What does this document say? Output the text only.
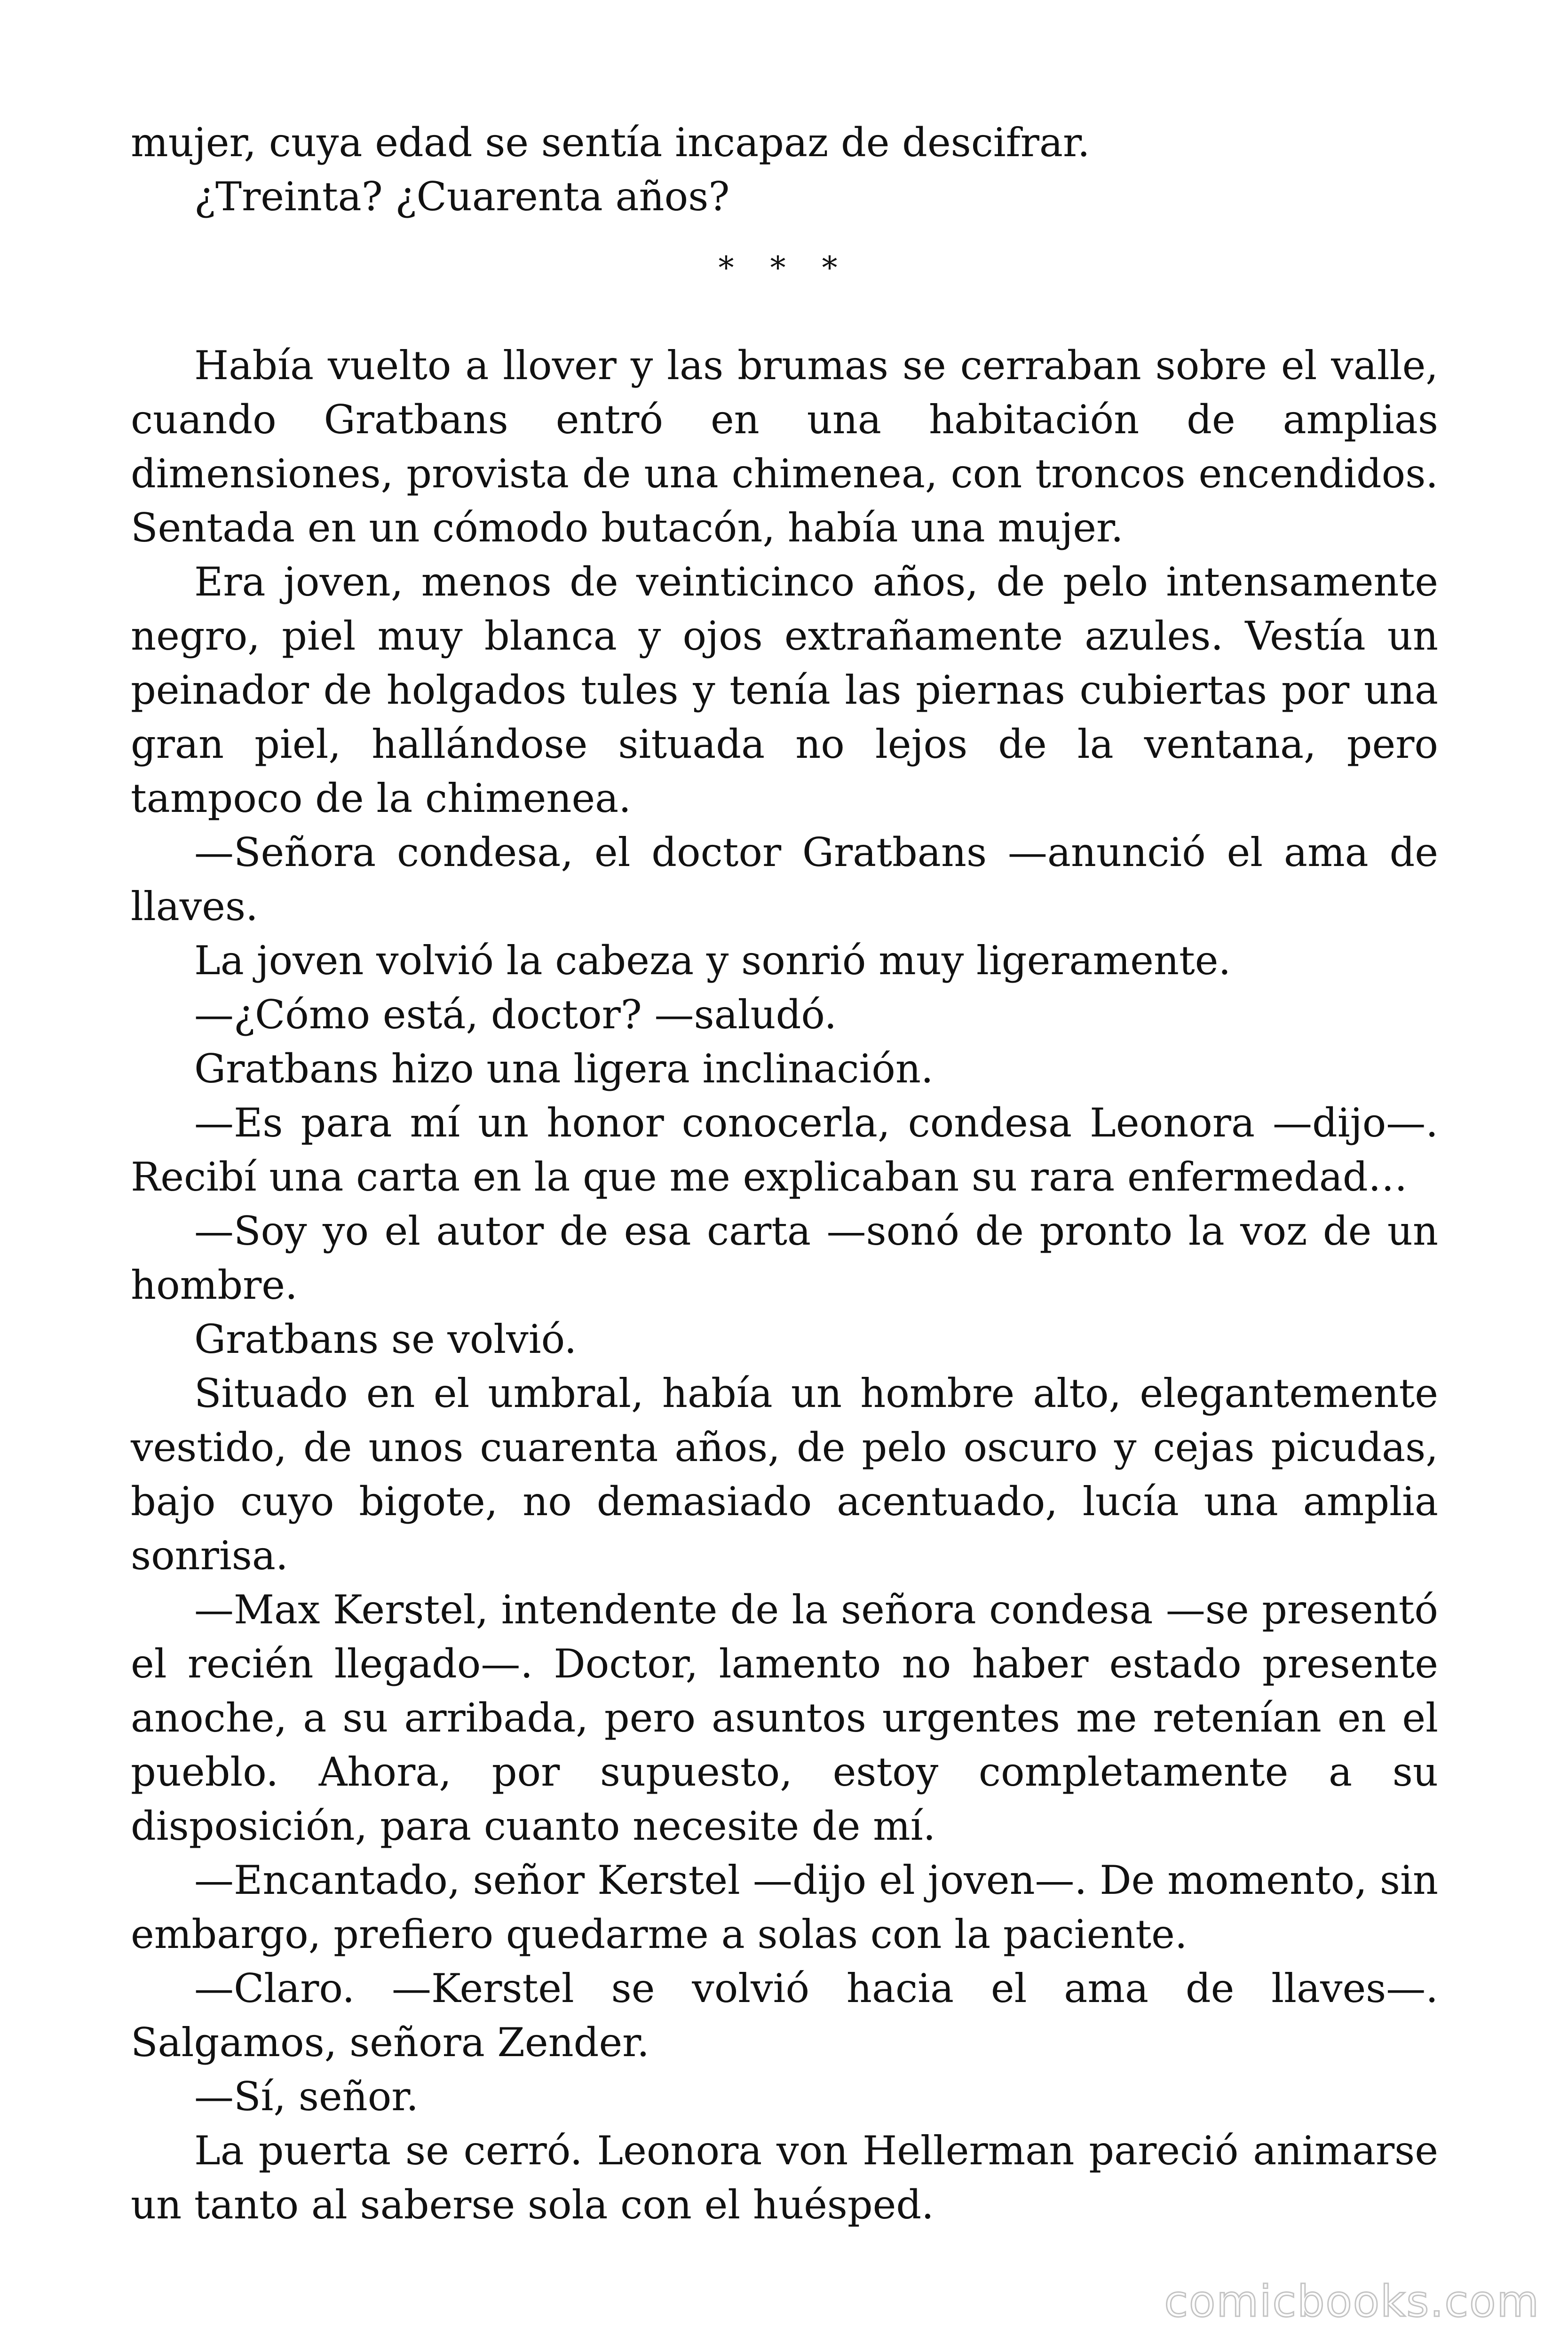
mujer, cuya edad se sentía incapaz de descifrar.

¿Treinta? ¿Cuarenta años?

* * *

Había vuelto a llover y las brumas se cerraban sobre el valle, cuando Gratbans entró en una habitación de amplias dimensiones, provista de una chimenea, con troncos encendidos. Sentada en un cómodo butacón, había una mujer.

Era joven, menos de veinticinco años, de pelo intensamente negro, piel muy blanca y ojos extrañamente azules. Vestía un peinador de holgados tules y tenía las piernas cubiertas por una gran piel, hallándose situada no lejos de la ventana, pero tampoco de la chimenea.

—Señora condesa, el doctor Gratbans —anunció el ama de llaves.

La joven volvió la cabeza y sonrió muy ligeramente.

—¿Cómo está, doctor? —saludó.

Gratbans hizo una ligera inclinación.

—Es para mí un honor conocerla, condesa Leonora —dijo—. Recibí una carta en la que me explicaban su rara enfermedad…

—Soy yo el autor de esa carta —sonó de pronto la voz de un hombre.

Gratbans se volvió.

Situado en el umbral, había un hombre alto, elegantemente vestido, de unos cuarenta años, de pelo oscuro y cejas picudas, bajo cuyo bigote, no demasiado acentuado, lucía una amplia sonrisa.

—Max Kerstel, intendente de la señora condesa —se presentó el recién llegado—. Doctor, lamento no haber estado presente anoche, a su arribada, pero asuntos urgentes me retenían en el pueblo. Ahora, por supuesto, estoy completamente a su disposición, para cuanto necesite de mí.

—Encantado, señor Kerstel —dijo el joven—. De momento, sin embargo, prefiero quedarme a solas con la paciente.

—Claro. —Kerstel se volvió hacia el ama de llaves—. Salgamos, señora Zender.

—Sí, señor.

La puerta se cerró. Leonora von Hellerman pareció animarse un tanto al saberse sola con el huésped.

comicbooks.com
